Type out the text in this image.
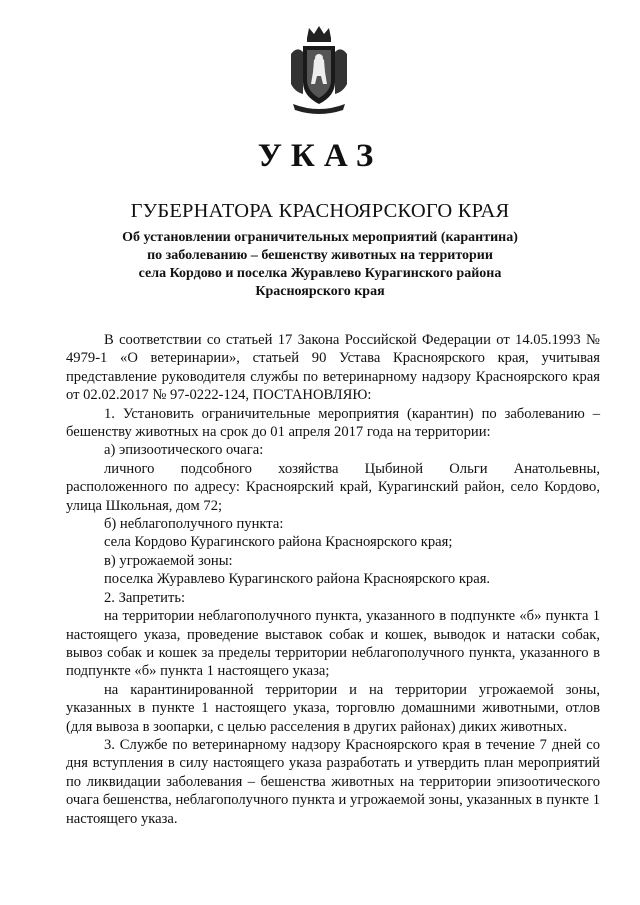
УКАЗ
ГУБЕРНАТОРА КРАСНОЯРСКОГО КРАЯ
Об установлении ограничительных мероприятий (карантина)
по заболеванию – бешенству животных на территории
села Кордово и поселка Журавлево Курагинского района
Красноярского края

В соответствии со статьей 17 Закона Российской Федерации от 14.05.1993 № 4979-1 «О ветеринарии», статьей 90 Устава Красноярского края, учитывая представление руководителя службы по ветеринарному надзору Красноярского края от 02.02.2017 № 97-0222-124, ПОСТАНОВЛЯЮ:

1. Установить ограничительные мероприятия (карантин) по заболеванию – бешенству животных на срок до 01 апреля 2017 года на территории:

а) эпизоотического очага:

личного подсобного хозяйства Цыбиной Ольги Анатольевны,

расположенного по адресу: Красноярский край, Курагинский район, село Кордово, улица Школьная, дом 72;

б) неблагополучного пункта:

села Кордово Курагинского района Красноярского края;

в) угрожаемой зоны:

поселка Журавлево Курагинского района Красноярского края.

2. Запретить:

на территории неблагополучного пункта, указанного в подпункте «б» пункта 1 настоящего указа, проведение выставок собак и кошек, выводок и натаски собак, вывоз собак и кошек за пределы территории неблагополучного пункта, указанного в подпункте «б» пункта 1 настоящего указа;

на карантинированной территории и на территории угрожаемой зоны, указанных в пункте 1 настоящего указа, торговлю домашними животными, отлов (для вывоза в зоопарки, с целью расселения в других районах) диких животных.

3. Службе по ветеринарному надзору Красноярского края в течение 7 дней со дня вступления в силу настоящего указа разработать и утвердить план мероприятий по ликвидации заболевания – бешенства животных на территории эпизоотического очага бешенства, неблагополучного пункта и угрожаемой зоны, указанных в пункте 1 настоящего указа.
